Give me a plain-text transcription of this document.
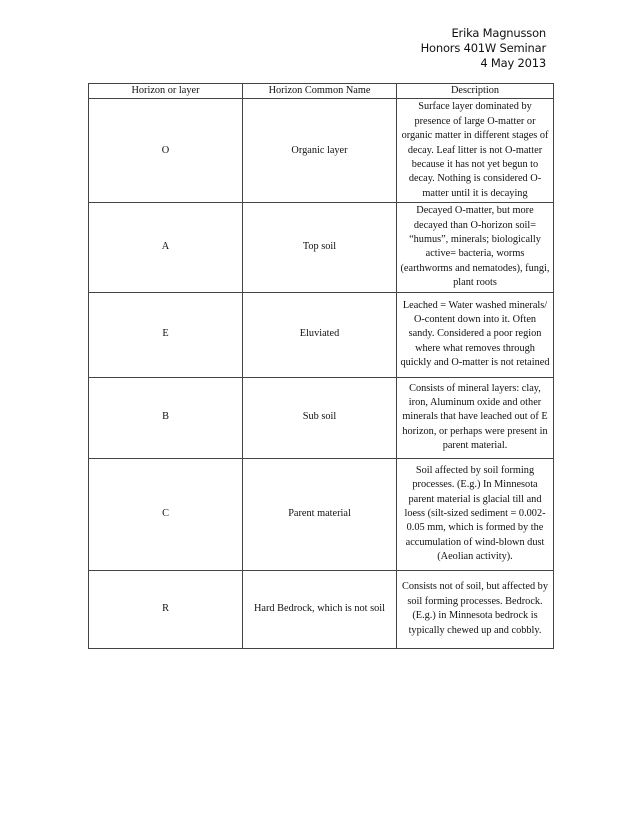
Erika Magnusson
Honors 401W Seminar
4 May 2013
Horizon or layer	Horizon Common Name	Description
O	Organic layer	Surface layer dominated by presence of large O-matter or organic matter in different stages of decay. Leaf litter is not O-matter because it has not yet begun to decay. Nothing is considered O-matter until it is decaying
A	Top soil	Decayed O-matter, but more decayed than O-horizon soil= “humus”, minerals; biologically active= bacteria, worms (earthworms and nematodes), fungi, plant roots
E	Eluviated	Leached = Water washed minerals/ O-content down into it. Often sandy. Considered a poor region where what removes through quickly and O-matter is not retained
B	Sub soil	Consists of mineral layers: clay, iron, Aluminum oxide and other minerals that have leached out of E horizon, or perhaps were present in parent material.
C	Parent material	Soil affected by soil forming processes. (E.g.) In Minnesota parent material is glacial till and loess (silt-sized sediment = 0.002- 0.05 mm, which is formed by the accumulation of wind-blown dust (Aeolian activity).
R	Hard Bedrock, which is not soil	Consists not of soil, but affected by soil forming processes. Bedrock. (E.g.) in Minnesota bedrock is typically chewed up and cobbly.
